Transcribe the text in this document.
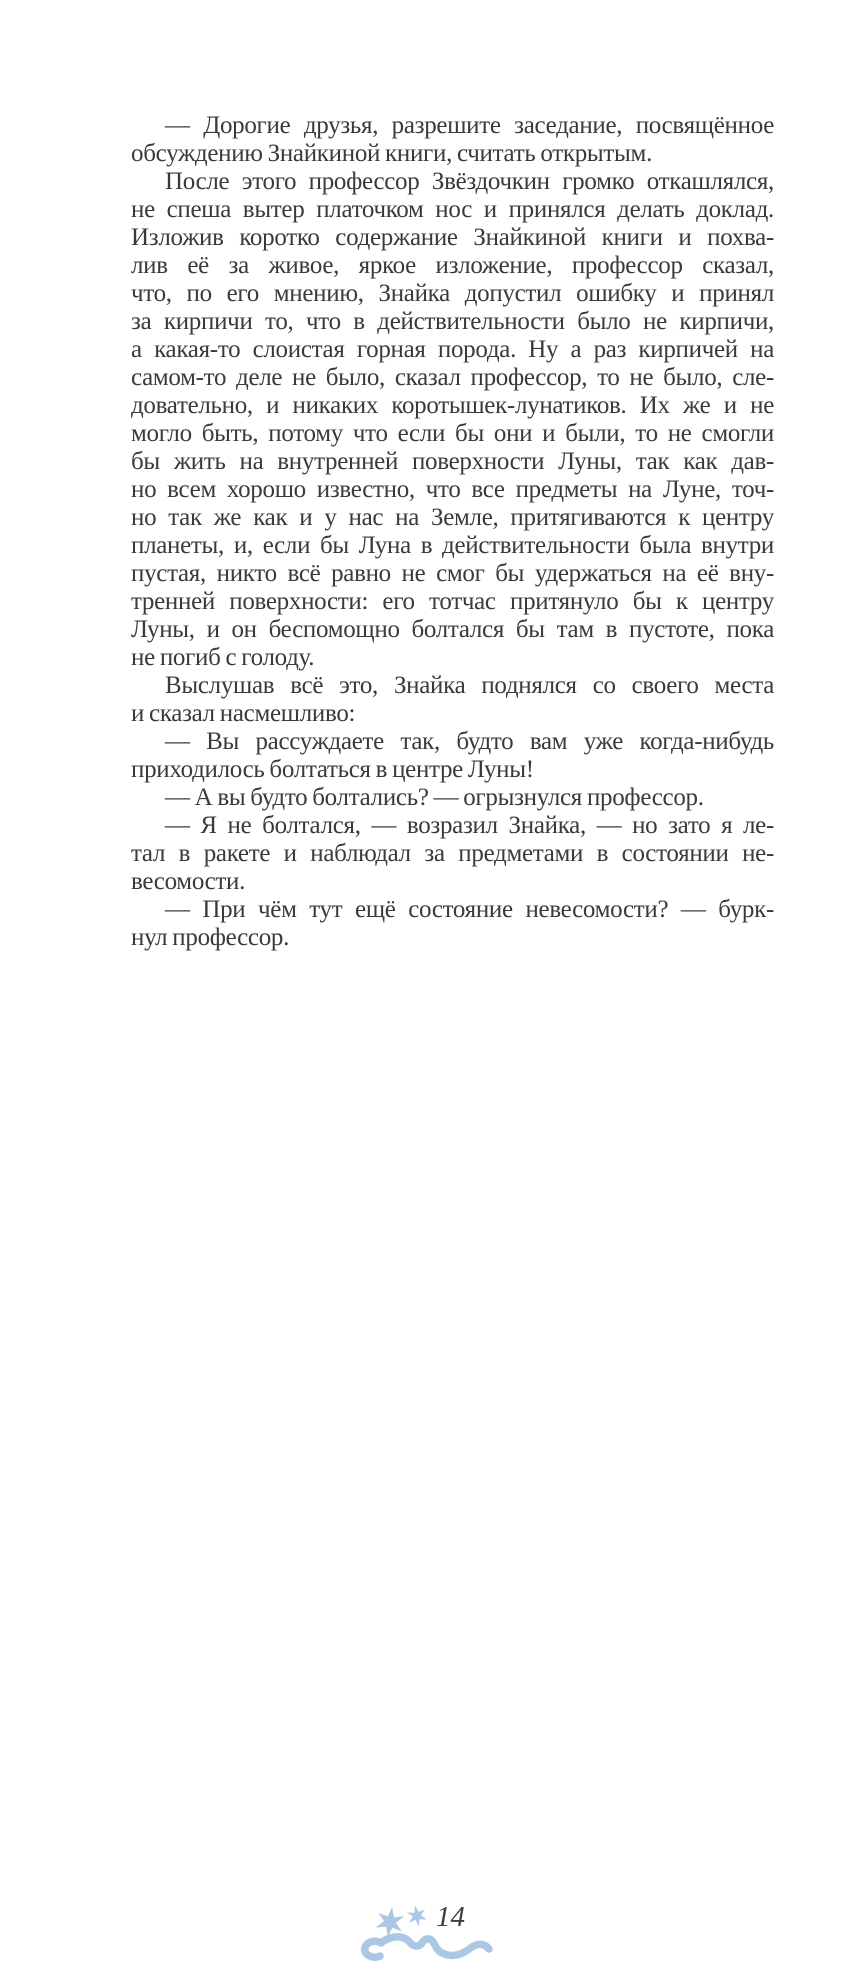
— Дорогие друзья, разрешите заседание, посвящённое
обсуждению Знайкиной книги, считать открытым.
После этого профессор Звёздочкин громко откашлялся,
не спеша вытер платочком нос и принялся делать доклад.
Изложив коротко содержание Знайкиной книги и похва-
лив её за живое, яркое изложение, профессор сказал,
что, по его мнению, Знайка допустил ошибку и принял
за кирпичи то, что в действительности было не кирпичи,
а какая-то слоистая горная порода. Ну а раз кирпичей на
самом-то деле не было, сказал профессор, то не было, сле-
довательно, и никаких коротышек-лунатиков. Их же и не
могло быть, потому что если бы они и были, то не смогли
бы жить на внутренней поверхности Луны, так как дав-
но всем хорошо известно, что все предметы на Луне, точ-
но так же как и у нас на Земле, притягиваются к центру
планеты, и, если бы Луна в действительности была внутри
пустая, никто всё равно не смог бы удержаться на её вну-
тренней поверхности: его тотчас притянуло бы к центру
Луны, и он беспомощно болтался бы там в пустоте, пока
не погиб с голоду.
Выслушав всё это, Знайка поднялся со своего места
и сказал насмешливо:
— Вы рассуждаете так, будто вам уже когда-нибудь
приходилось болтаться в центре Луны!
— А вы будто болтались? — огрызнулся профессор.
— Я не болтался, — возразил Знайка, — но зато я ле-
тал в ракете и наблюдал за предметами в состоянии не-
весомости.
— При чём тут ещё состояние невесомости? — бурк-
нул профессор.
14
